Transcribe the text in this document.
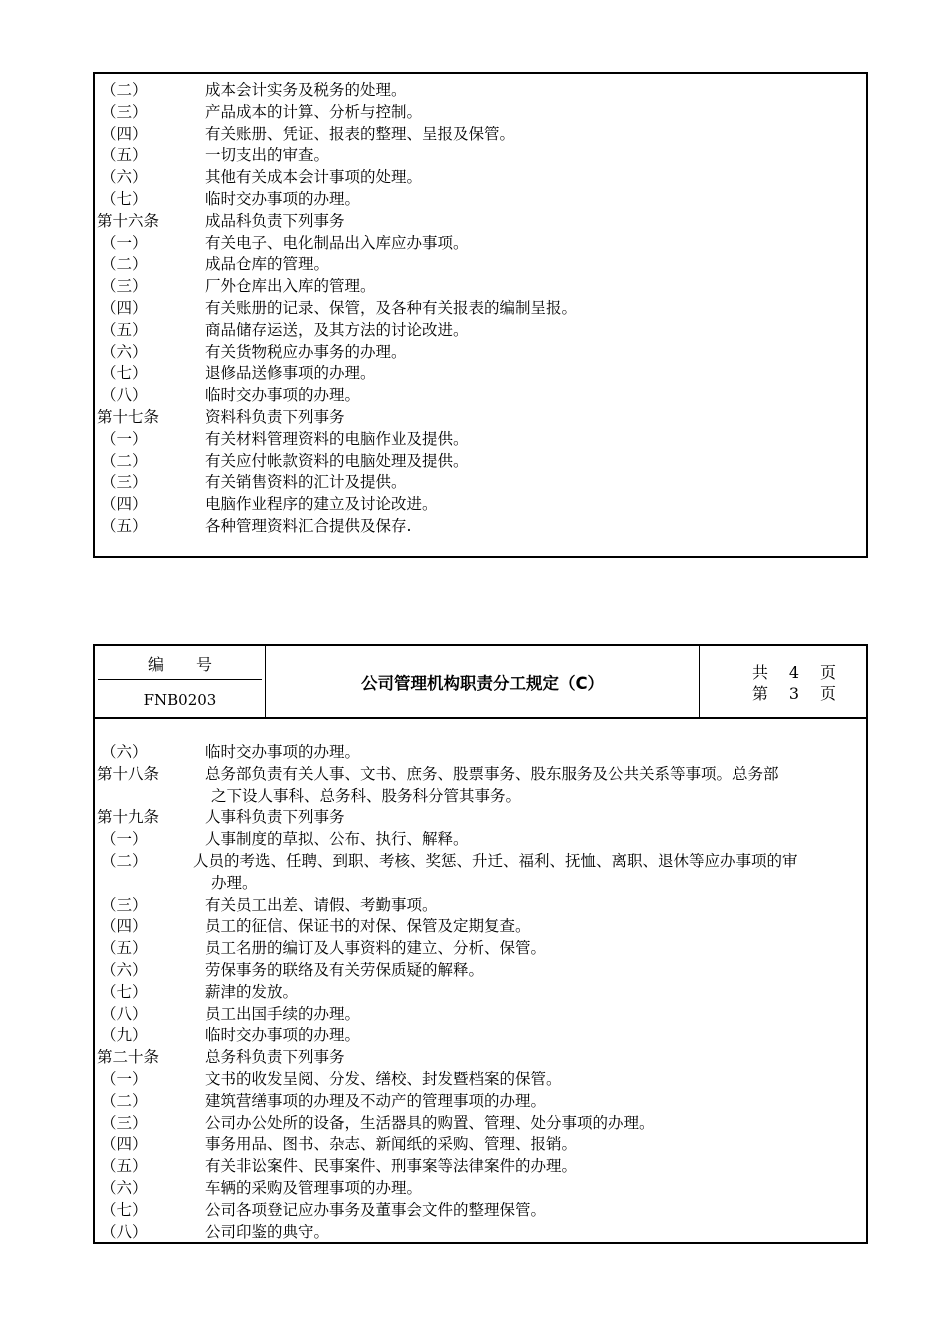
（二）	成本会计实务及税务的处理。
（三）	产品成本的计算、分析与控制。
（四）	有关账册、凭证、报表的整理、呈报及保管。
（五）	一切支出的审查。
（六）	其他有关成本会计事项的处理。
（七）	临时交办事项的办理。
第十六条	成品科负责下列事务
（一）	有关电子、电化制品出入库应办事项。
（二）	成品仓库的管理。
（三）	厂外仓库出入库的管理。
（四）	有关账册的记录、保管，及各种有关报表的编制呈报。
（五）	商品储存运送，及其方法的讨论改进。
（六）	有关货物税应办事务的办理。
（七）	退修品送修事项的办理。
（八）	临时交办事项的办理。
第十七条	资料科负责下列事务
（一）	有关材料管理资料的电脑作业及提供。
（二）	有关应付帐款资料的电脑处理及提供。
（三）	有关销售资料的汇计及提供。
（四）	电脑作业程序的建立及讨论改进。
（五）	各种管理资料汇合提供及保存.
编　　号
FNB0203
公司管理机构职责分工规定（C）
共 4 页
第 3 页
（六）	临时交办事项的办理。
第十八条	总务部负责有关人事、文书、庶务、股票事务、股东服务及公共关系等事项。总务部
之下设人事科、总务科、股务科分管其事务。
第十九条	人事科负责下列事务
（一）	人事制度的草拟、公布、执行、解释。
（二）	人员的考选、任聘、到职、考核、奖惩、升迁、福利、抚恤、离职、退休等应办事项的审
办理。
（三）	有关员工出差、请假、考勤事项。
（四）	员工的征信、保证书的对保、保管及定期复查。
（五）	员工名册的编订及人事资料的建立、分析、保管。
（六）	劳保事务的联络及有关劳保质疑的解释。
（七）	薪津的发放。
（八）	员工出国手续的办理。
（九）	临时交办事项的办理。
第二十条	总务科负责下列事务
（一）	文书的收发呈阅、分发、缮校、封发暨档案的保管。
（二）	建筑营缮事项的办理及不动产的管理事项的办理。
（三）	公司办公处所的设备，生活器具的购置、管理、处分事项的办理。
（四）	事务用品、图书、杂志、新闻纸的采购、管理、报销。
（五）	有关非讼案件、民事案件、刑事案等法律案件的办理。
（六）	车辆的采购及管理事项的办理。
（七）	公司各项登记应办事务及董事会文件的整理保管。
（八）	公司印鉴的典守。
